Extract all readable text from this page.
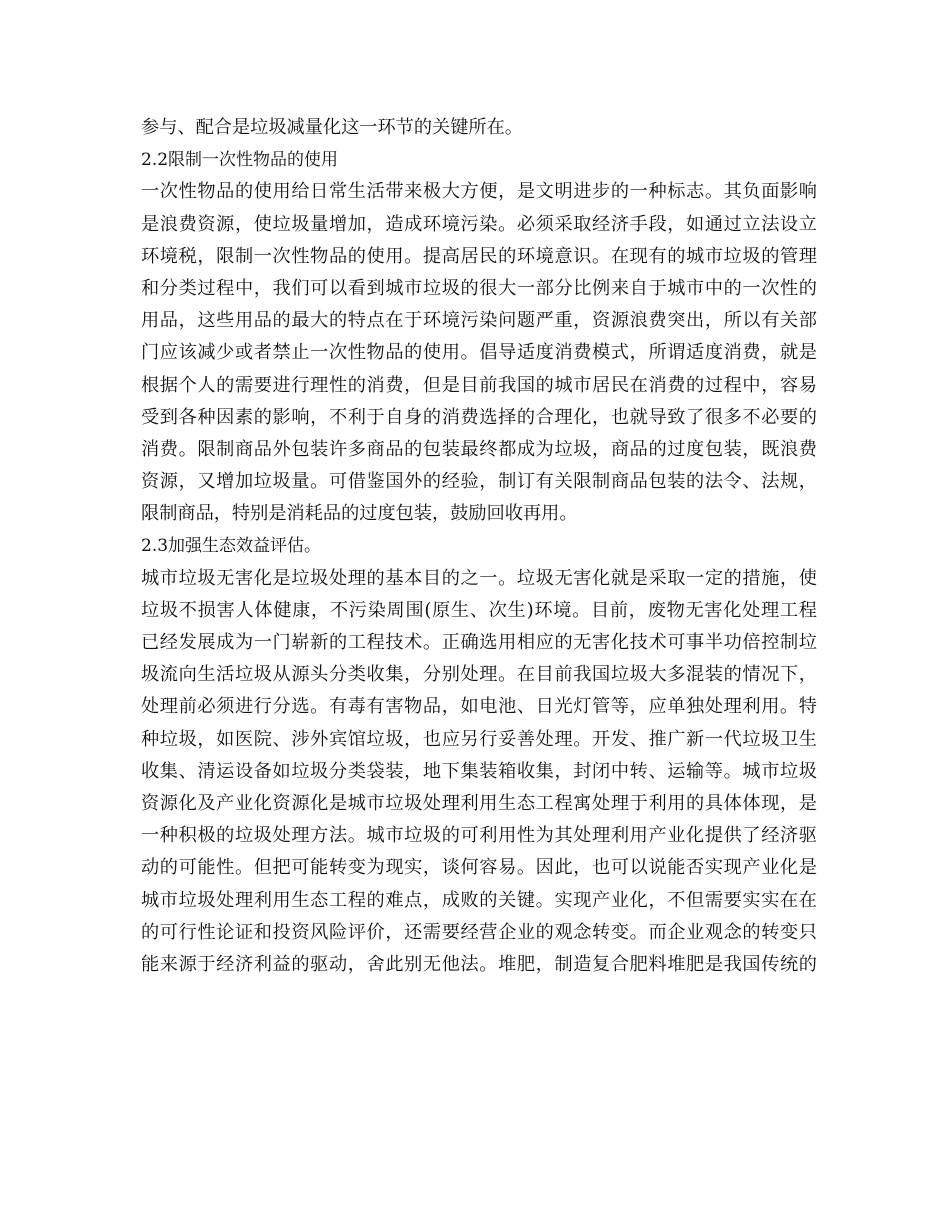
参与、配合是垃圾减量化这一环节的关键所在。
2.2限制一次性物品的使用
一次性物品的使用给日常生活带来极大方便，是文明进步的一种标志。其负面影响
是浪费资源，使垃圾量增加，造成环境污染。必须采取经济手段，如通过立法设立
环境税，限制一次性物品的使用。提高居民的环境意识。在现有的城市垃圾的管理
和分类过程中，我们可以看到城市垃圾的很大一部分比例来自于城市中的一次性的
用品，这些用品的最大的特点在于环境污染问题严重，资源浪费突出，所以有关部
门应该减少或者禁止一次性物品的使用。倡导适度消费模式，所谓适度消费，就是
根据个人的需要进行理性的消费，但是目前我国的城市居民在消费的过程中，容易
受到各种因素的影响，不利于自身的消费选择的合理化，也就导致了很多不必要的
消费。限制商品外包装许多商品的包装最终都成为垃圾，商品的过度包装，既浪费
资源，又增加垃圾量。可借鉴国外的经验，制订有关限制商品包装的法令、法规，
限制商品，特别是消耗品的过度包装，鼓励回收再用。
2.3加强生态效益评估。
城市垃圾无害化是垃圾处理的基本目的之一。垃圾无害化就是采取一定的措施，使
垃圾不损害人体健康，不污染周围(原生、次生)环境。目前，废物无害化处理工程
已经发展成为一门崭新的工程技术。正确选用相应的无害化技术可事半功倍控制垃
圾流向生活垃圾从源头分类收集，分别处理。在目前我国垃圾大多混装的情况下，
处理前必须进行分选。有毒有害物品，如电池、日光灯管等，应单独处理利用。特
种垃圾，如医院、涉外宾馆垃圾，也应另行妥善处理。开发、推广新一代垃圾卫生
收集、清运设备如垃圾分类袋装，地下集装箱收集，封闭中转、运输等。城市垃圾
资源化及产业化资源化是城市垃圾处理利用生态工程寓处理于利用的具体体现，是
一种积极的垃圾处理方法。城市垃圾的可利用性为其处理利用产业化提供了经济驱
动的可能性。但把可能转变为现实，谈何容易。因此，也可以说能否实现产业化是
城市垃圾处理利用生态工程的难点，成败的关键。实现产业化，不但需要实实在在
的可行性论证和投资风险评价，还需要经营企业的观念转变。而企业观念的转变只
能来源于经济利益的驱动，舍此别无他法。堆肥，制造复合肥料堆肥是我国传统的
